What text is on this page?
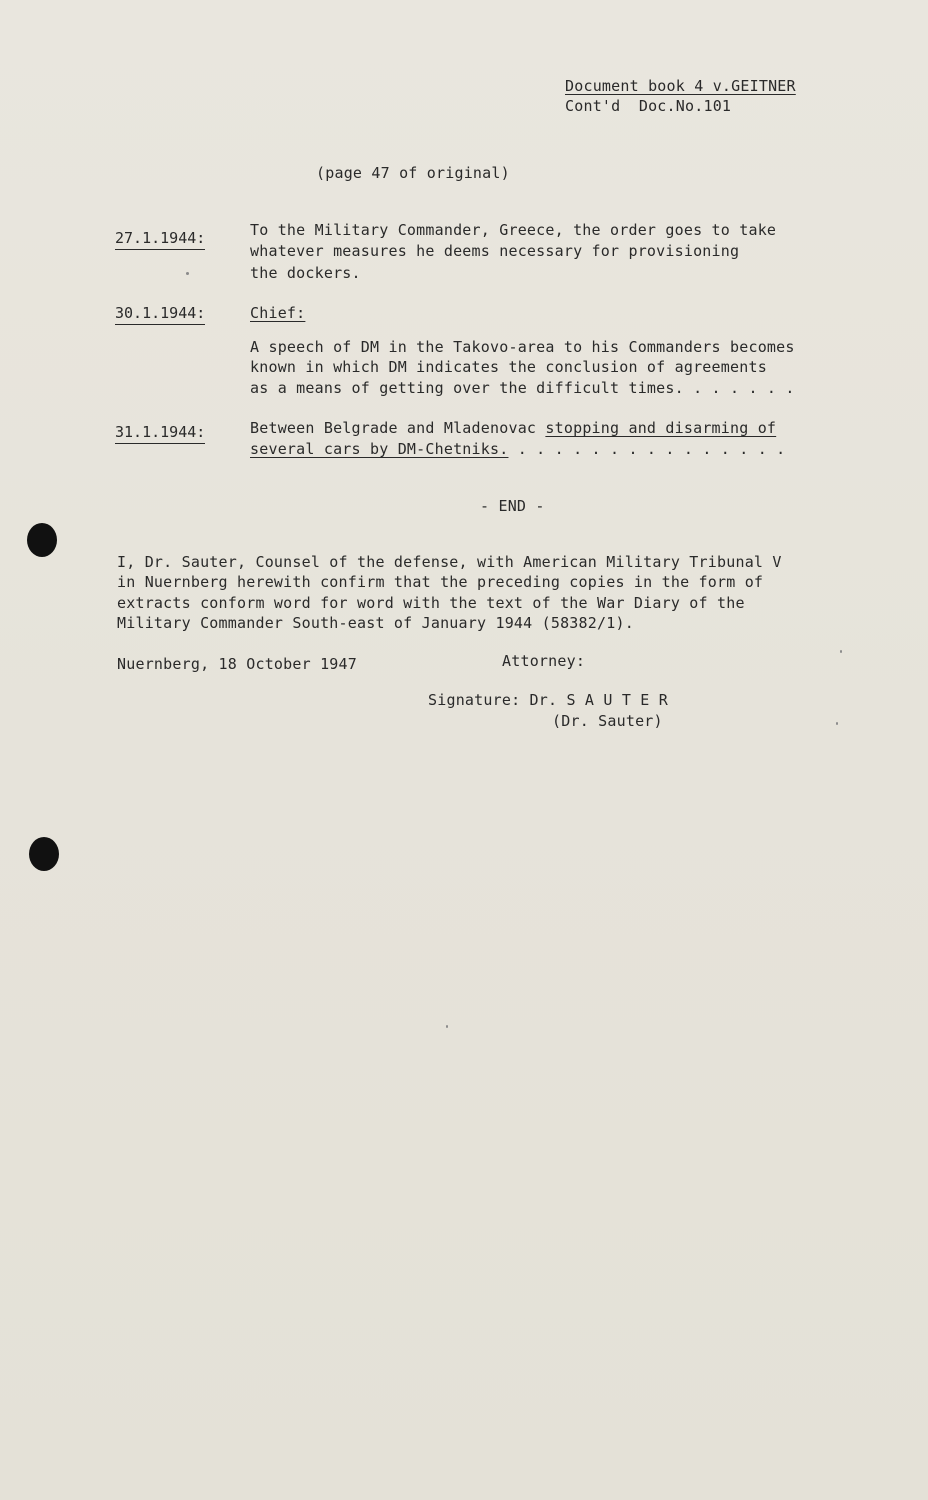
Document book 4 v.GEITNER
Cont'd  Doc.No.101
(page 47 of original)
27.1.1944:	To the Military Commander, Greece, the order goes to take
whatever measures he deems necessary for provisioning
the dockers.
30.1.1944:	Chief:
A speech of DM in the Takovo-area to his Commanders becomes
known in which DM indicates the conclusion of agreements
as a means of getting over the difficult times. . . . . . .
31.1.1944:	Between Belgrade and Mladenovac stopping and disarming of
several cars by DM-Chetniks. . . . . . . . . . . . . . . .
- END -
I, Dr. Sauter, Counsel of the defense, with American Military Tribunal V
in Nuernberg herewith confirm that the preceding copies in the form of
extracts conform word for word with the text of the War Diary of the
Military Commander South-east of January 1944 (58382/1).
Nuernberg, 18 October 1947	Attorney:
Signature: Dr. S A U T E R
(Dr. Sauter)
